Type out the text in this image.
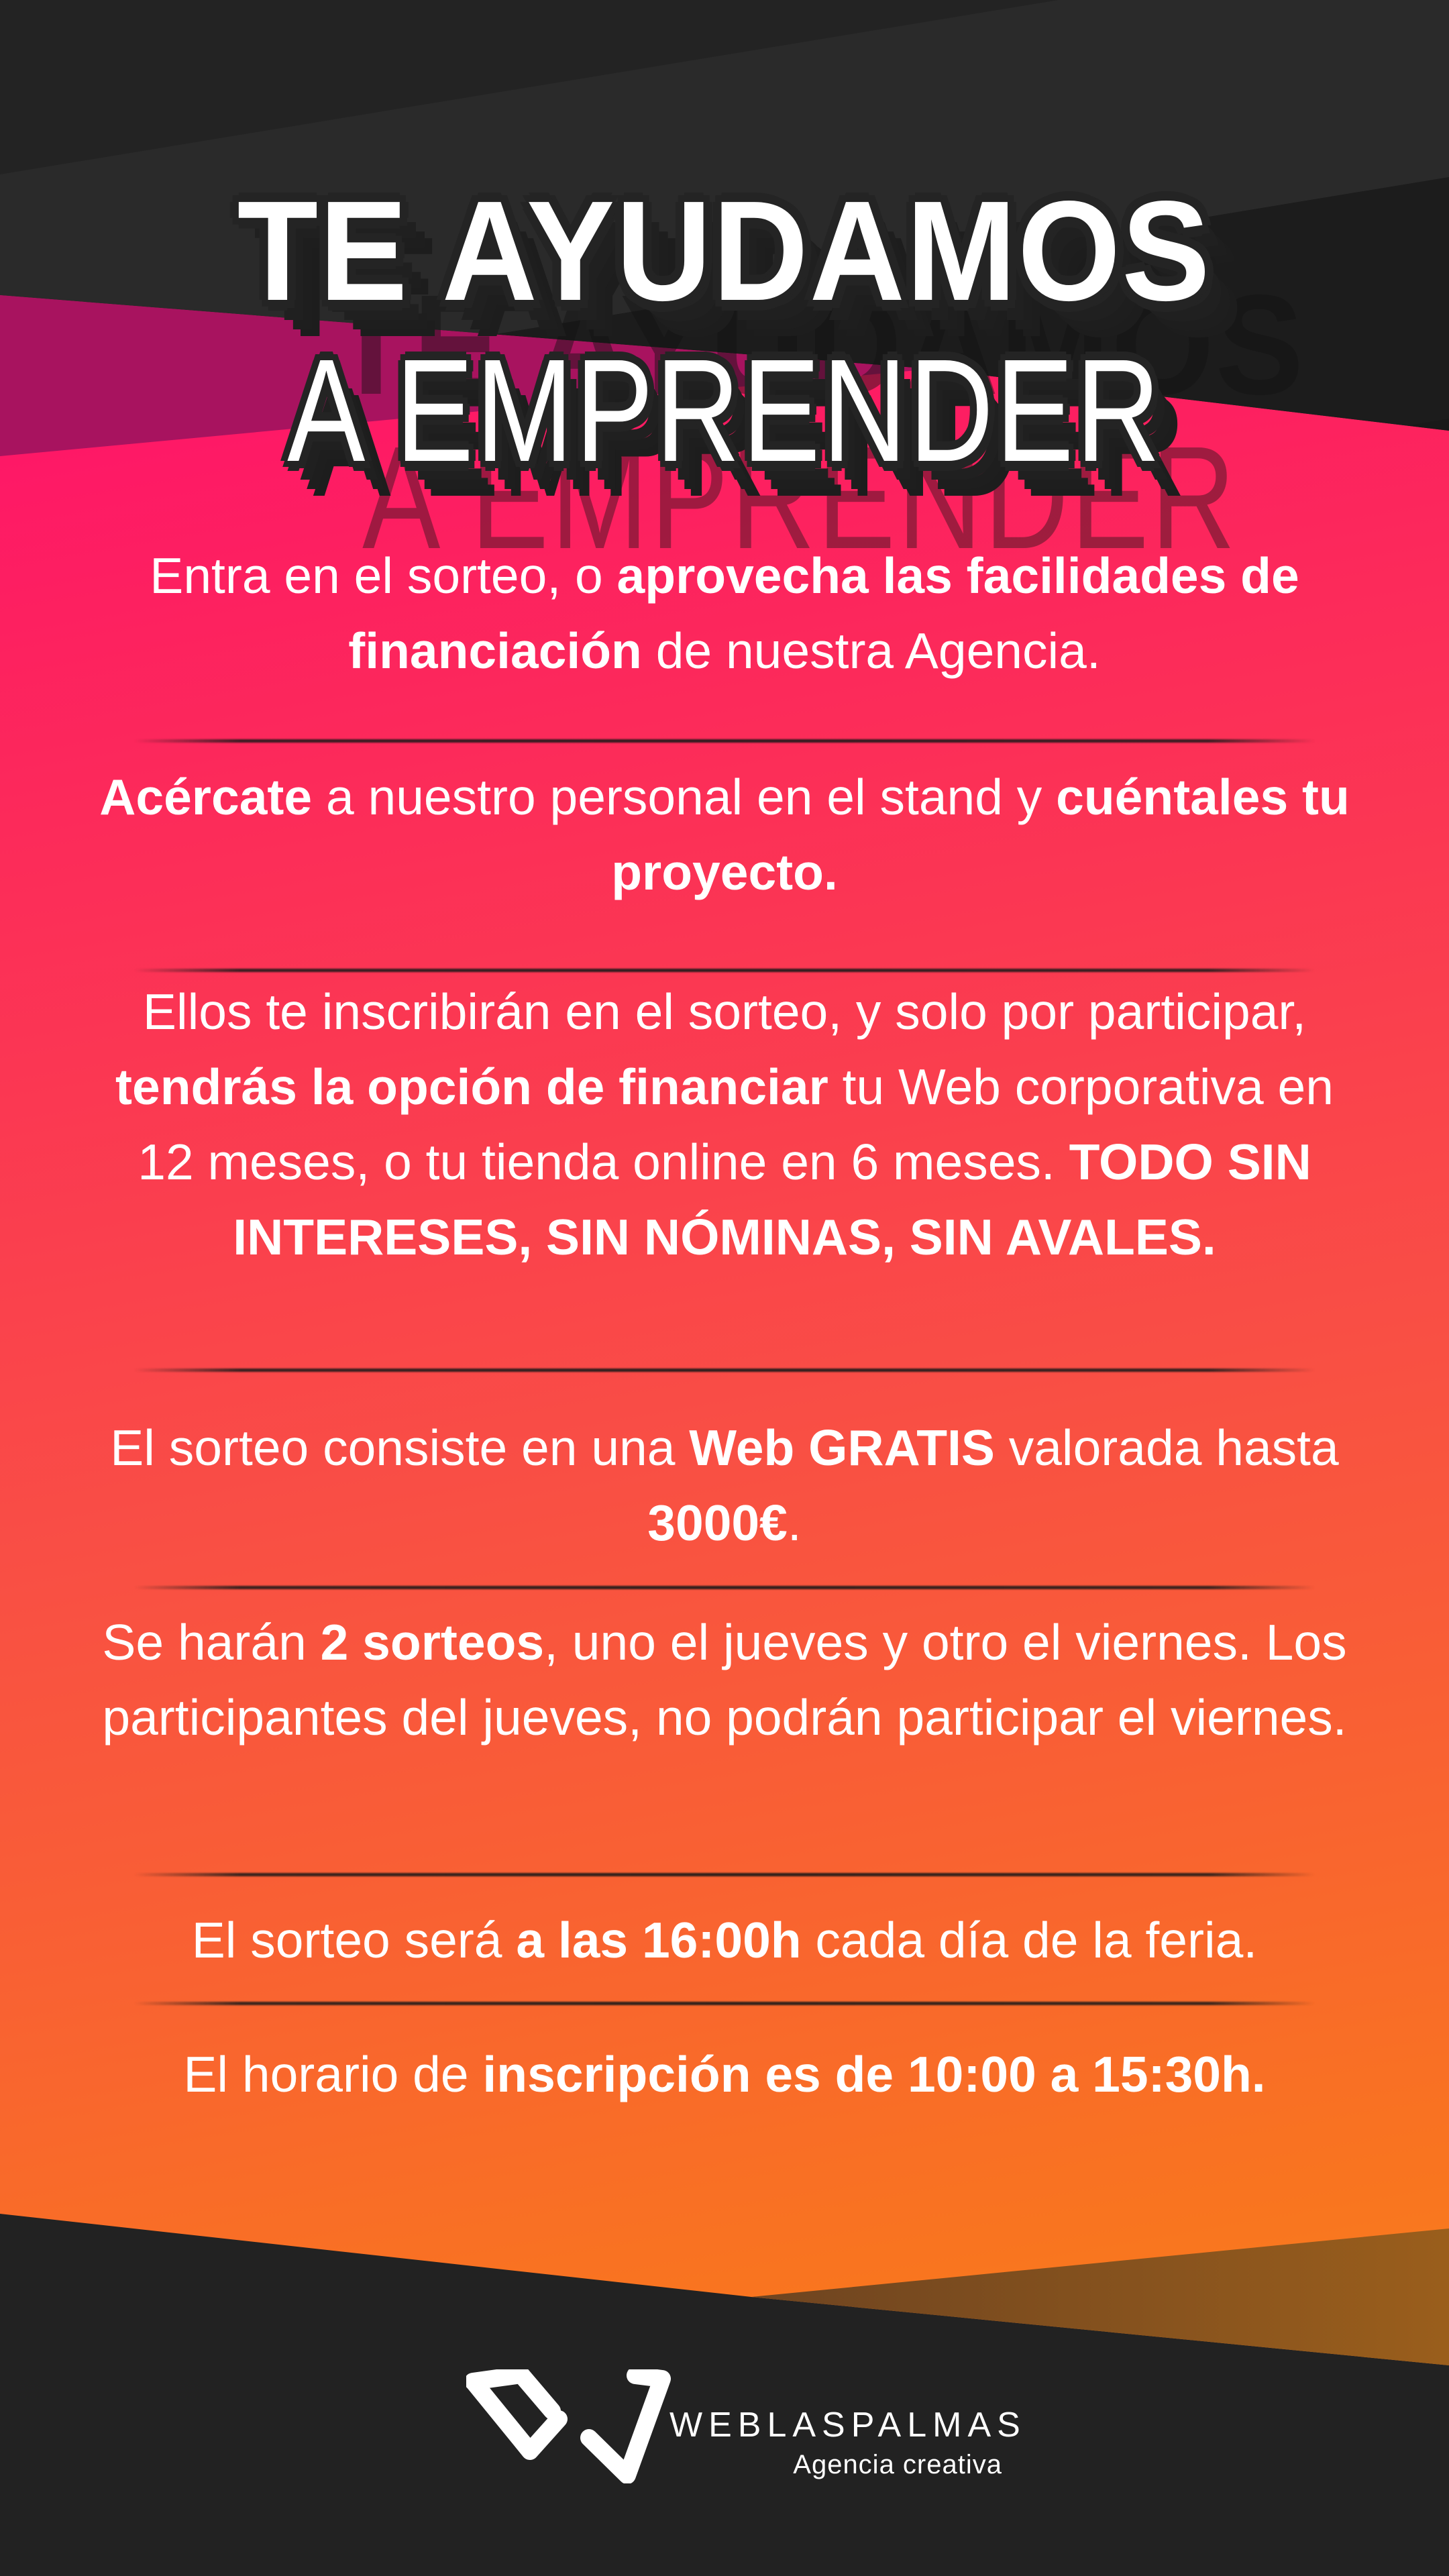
TE AYUDAMOS
A EMPRENDER
Entra en el sorteo, o aprovecha las facilidades de financiación de nuestra Agencia.
Acércate a nuestro personal en el stand y cuéntales tu proyecto.
Ellos te inscribirán en el sorteo, y solo por participar, tendrás la opción de financiar tu Web corporativa en 12 meses, o tu tienda online en 6 meses. TODO SIN INTERESES, SIN NÓMINAS, SIN AVALES.
El sorteo consiste en una Web GRATIS valorada hasta 3000€.
Se harán 2 sorteos, uno el jueves y otro el viernes. Los participantes del jueves, no podrán participar el viernes.
El sorteo será a las 16:00h cada día de la feria.
El horario de inscripción es de 10:00 a 15:30h.
WEBLASPALMAS
Agencia creativa
